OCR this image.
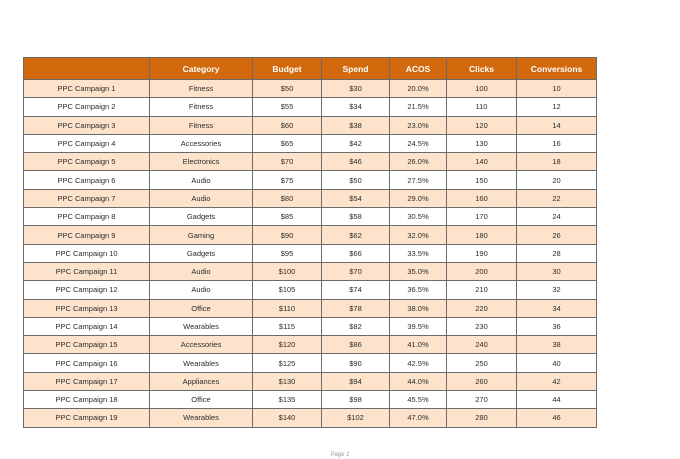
	Category	Budget	Spend	ACOS	Clicks	Conversions
PPC Campaign 1	Fitness	$50	$30	20.0%	100	10
PPC Campaign 2	Fitness	$55	$34	21.5%	110	12
PPC Campaign 3	Fitness	$60	$38	23.0%	120	14
PPC Campaign 4	Accessories	$65	$42	24.5%	130	16
PPC Campaign 5	Electronics	$70	$46	26.0%	140	18
PPC Campaign 6	Audio	$75	$50	27.5%	150	20
PPC Campaign 7	Audio	$80	$54	29.0%	160	22
PPC Campaign 8	Gadgets	$85	$58	30.5%	170	24
PPC Campaign 9	Gaming	$90	$62	32.0%	180	26
PPC Campaign 10	Gadgets	$95	$66	33.5%	190	28
PPC Campaign 11	Audio	$100	$70	35.0%	200	30
PPC Campaign 12	Audio	$105	$74	36.5%	210	32
PPC Campaign 13	Office	$110	$78	38.0%	220	34
PPC Campaign 14	Wearables	$115	$82	39.5%	230	36
PPC Campaign 15	Accessories	$120	$86	41.0%	240	38
PPC Campaign 16	Wearables	$125	$90	42.5%	250	40
PPC Campaign 17	Appliances	$130	$94	44.0%	260	42
PPC Campaign 18	Office	$135	$98	45.5%	270	44
PPC Campaign 19	Wearables	$140	$102	47.0%	280	46
Page 1
